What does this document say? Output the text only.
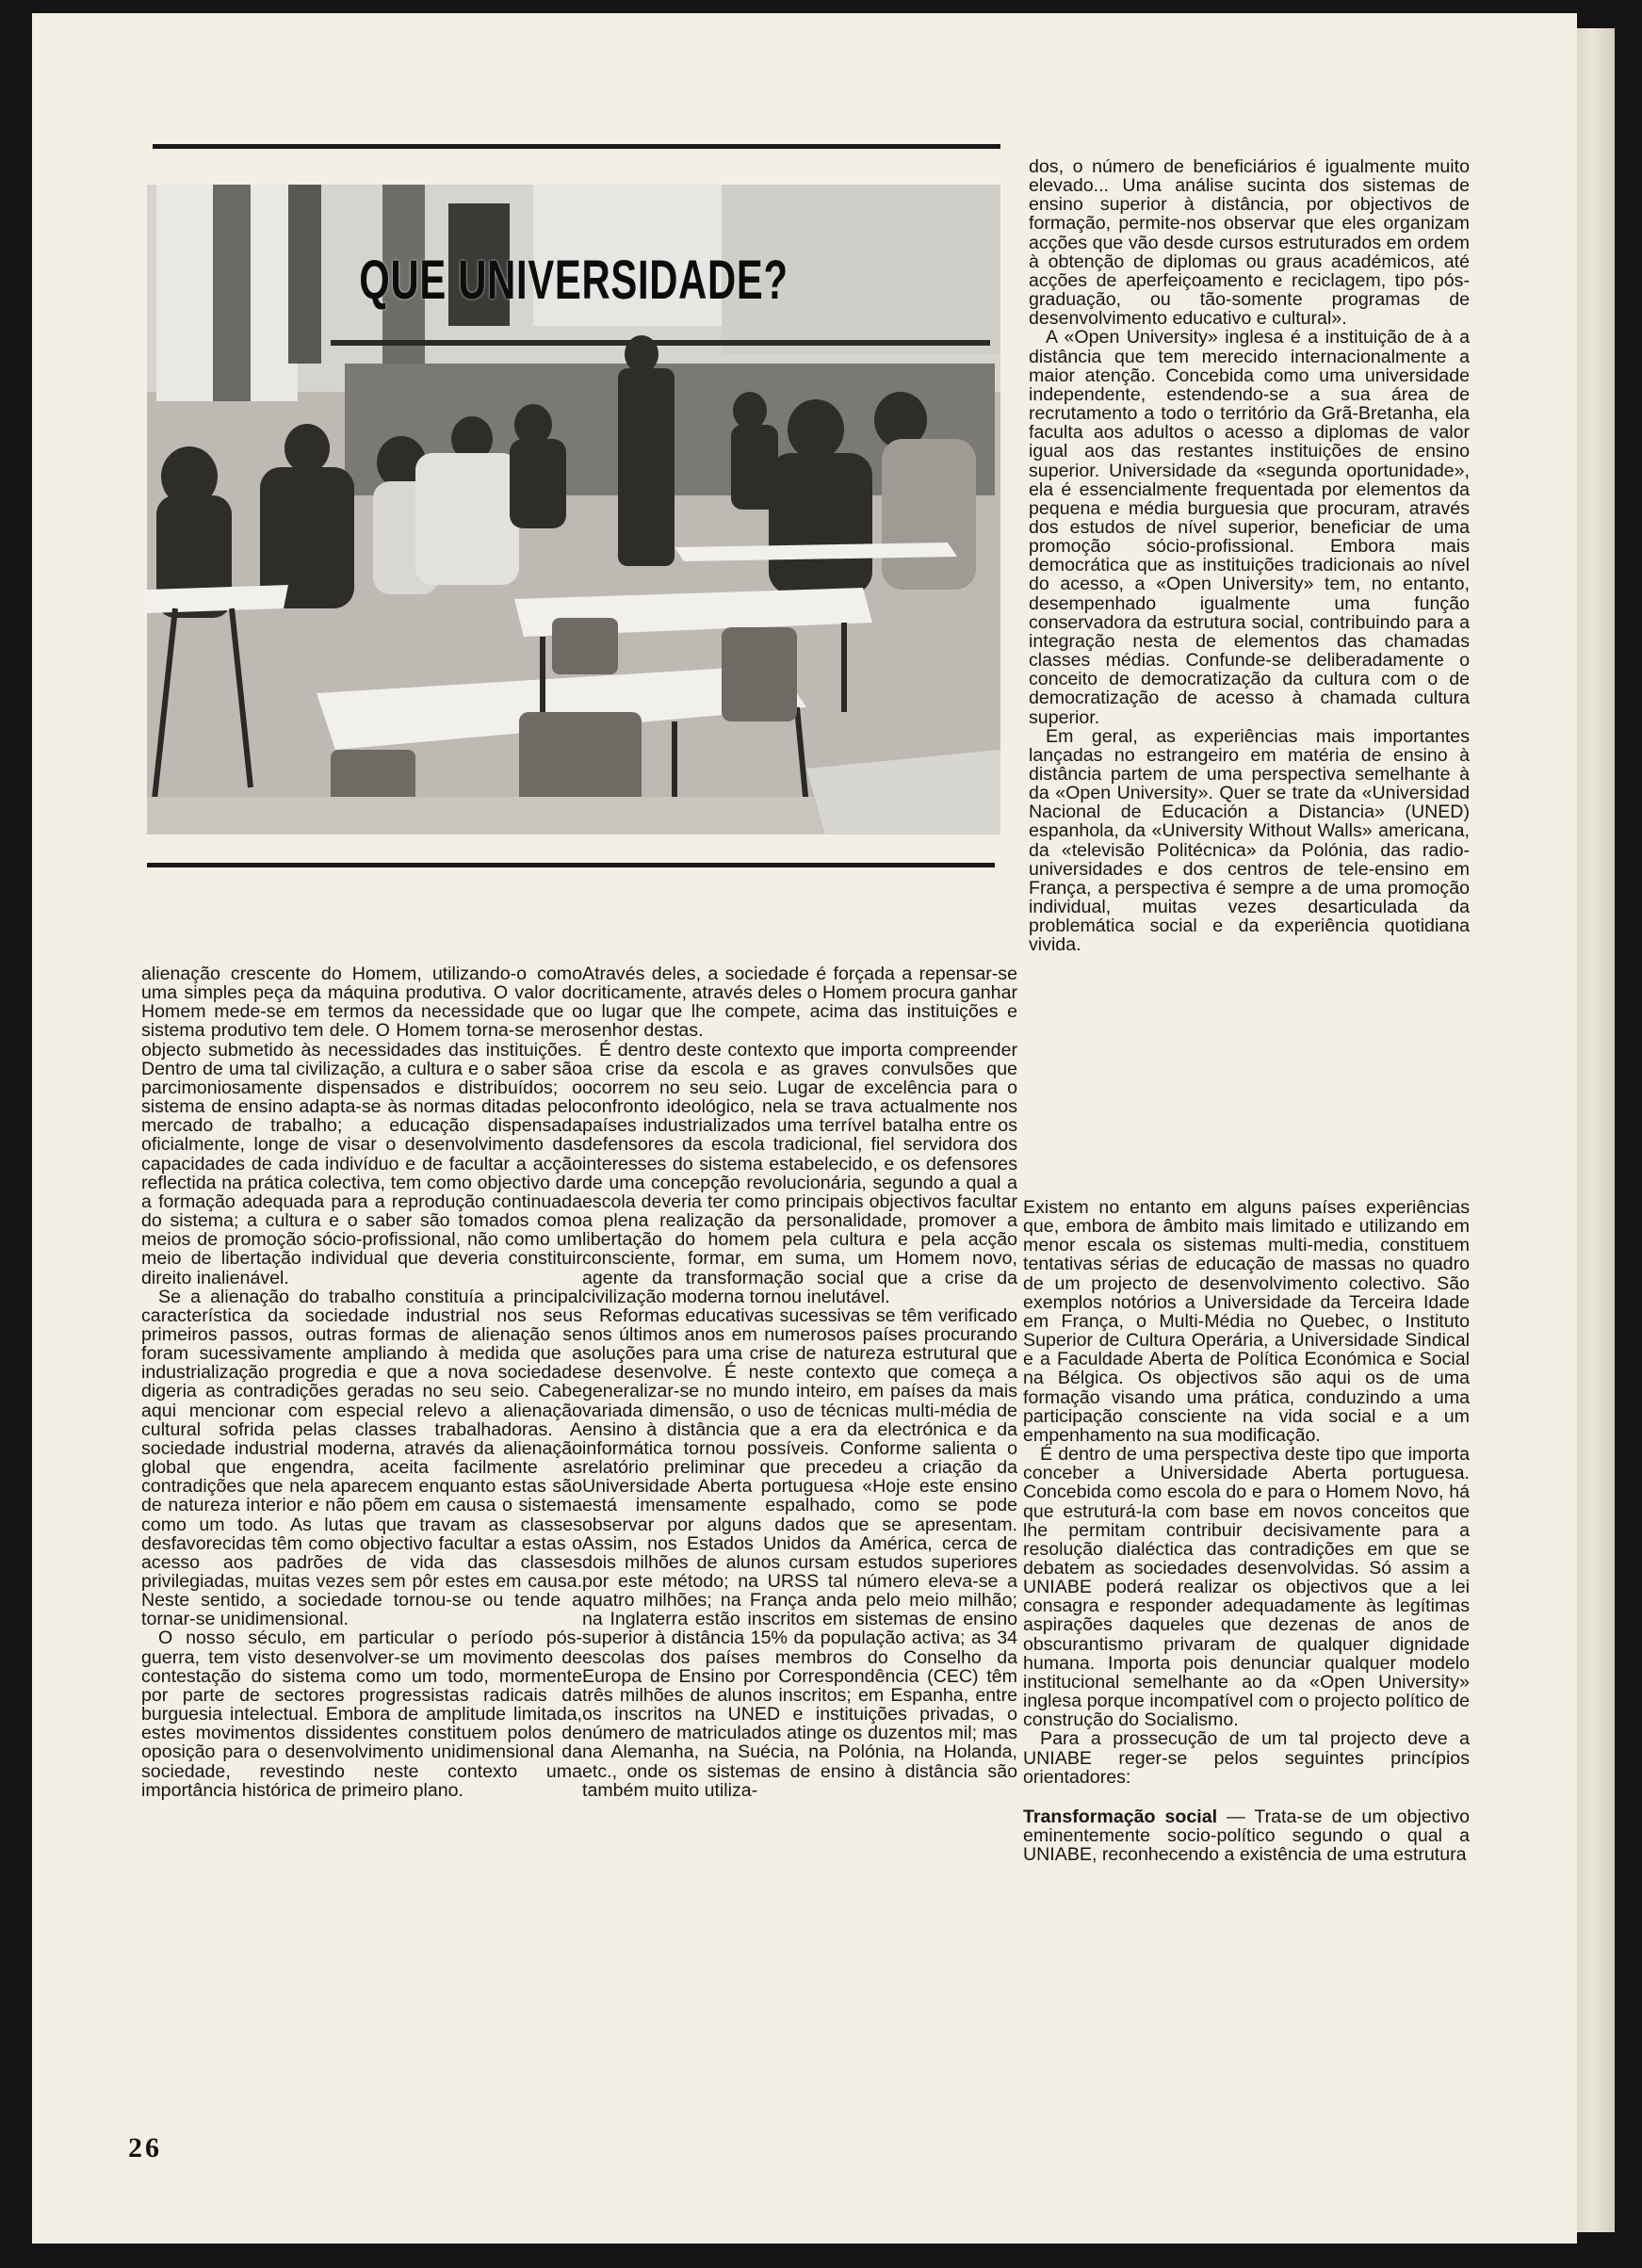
QUE UNIVERSIDADE?

alienação crescente do Homem, utilizando-o como uma simples peça da máquina produtiva. O valor do Homem mede-se em termos da necessidade que o sistema produtivo tem dele. O Homem torna-se mero objecto submetido às necessidades das instituições. Dentro de uma tal civilização, a cultura e o saber são parcimoniosamente dispensados e distribuídos; o sistema de ensino adapta-se às normas ditadas pelo mercado de trabalho; a educação dispensada oficialmente, longe de visar o desenvolvimento das capacidades de cada indivíduo e de facultar a acção reflectida na prática colectiva, tem como objectivo dar a formação adequada para a reprodução continuada do sistema; a cultura e o saber são tomados como meios de promoção sócio-profissional, não como um meio de libertação individual que deveria constituir direito inalienável.

Se a alienação do trabalho constituía a principal característica da sociedade industrial nos seus primeiros passos, outras formas de alienação se foram sucessivamente ampliando à medida que a industrialização progredia e que a nova sociedade digeria as contradições geradas no seu seio. Cabe aqui mencionar com especial relevo a alienação cultural sofrida pelas classes trabalhadoras. A sociedade industrial moderna, através da alienação global que engendra, aceita facilmente as contradições que nela aparecem enquanto estas são de natureza interior e não põem em causa o sistema como um todo. As lutas que travam as classes desfavorecidas têm como objectivo facultar a estas o acesso aos padrões de vida das classes privilegiadas, muitas vezes sem pôr estes em causa. Neste sentido, a sociedade tornou-se ou tende a tornar-se unidimensional.

O nosso século, em particular o período pós-guerra, tem visto desenvolver-se um movimento de contestação do sistema como um todo, mormente por parte de sectores progressistas radicais da burguesia intelectual. Embora de amplitude limitada, estes movimentos dissidentes constituem polos de oposição para o desenvolvimento unidimensional da sociedade, revestindo neste contexto uma importância histórica de primeiro plano.

Através deles, a sociedade é forçada a repensar-se criticamente, através deles o Homem procura ganhar o lugar que lhe compete, acima das instituições e senhor destas.

É dentro deste contexto que importa compreender a crise da escola e as graves convulsões que ocorrem no seu seio. Lugar de excelência para o confronto ideológico, nela se trava actualmente nos países industrializados uma terrível batalha entre os defensores da escola tradicional, fiel servidora dos interesses do sistema estabelecido, e os defensores de uma concepção revolucionária, segundo a qual a escola deveria ter como principais objectivos facultar a plena realização da personalidade, promover a libertação do homem pela cultura e pela acção consciente, formar, em suma, um Homem novo, agente da transformação social que a crise da civilização moderna tornou inelutável.

Reformas educativas sucessivas se têm verificado nos últimos anos em numerosos países procurando soluções para uma crise de natureza estrutural que se desenvolve. É neste contexto que começa a generalizar-se no mundo inteiro, em países da mais variada dimensão, o uso de técnicas multi-média de ensino à distância que a era da electrónica e da informática tornou possíveis. Conforme salienta o relatório preliminar que precedeu a criação da Universidade Aberta portuguesa «Hoje este ensino está imensamente espalhado, como se pode observar por alguns dados que se apresentam. Assim, nos Estados Unidos da América, cerca de dois milhões de alunos cursam estudos superiores por este método; na URSS tal número eleva-se a quatro milhões; na França anda pelo meio milhão; na Inglaterra estão inscritos em sistemas de ensino superior à distância 15% da população activa; as 34 escolas dos países membros do Conselho da Europa de Ensino por Correspondência (CEC) têm três milhões de alunos inscritos; em Espanha, entre os inscritos na UNED e instituições privadas, o número de matriculados atinge os duzentos mil; mas na Alemanha, na Suécia, na Polónia, na Holanda, etc., onde os sistemas de ensino à distância são também muito utiliza-

dos, o número de beneficiários é igualmente muito elevado... Uma análise sucinta dos sistemas de ensino superior à distância, por objectivos de formação, permite-nos observar que eles organizam acções que vão desde cursos estruturados em ordem à obtenção de diplomas ou graus académicos, até acções de aperfeiçoamento e reciclagem, tipo pós-graduação, ou tão-somente programas de desenvolvimento educativo e cultural».

A «Open University» inglesa é a instituição de à a distância que tem merecido internacionalmente a maior atenção. Concebida como uma universidade independente, estendendo-se a sua área de recrutamento a todo o território da Grã-Bretanha, ela faculta aos adultos o acesso a diplomas de valor igual aos das restantes instituições de ensino superior. Universidade da «segunda oportunidade», ela é essencialmente frequentada por elementos da pequena e média burguesia que procuram, através dos estudos de nível superior, beneficiar de uma promoção sócio-profissional. Embora mais democrática que as instituições tradicionais ao nível do acesso, a «Open University» tem, no entanto, desempenhado igualmente uma função conservadora da estrutura social, contribuindo para a integração nesta de elementos das chamadas classes médias. Confunde-se deliberadamente o conceito de democratização da cultura com o de democratização de acesso à chamada cultura superior.

Em geral, as experiências mais importantes lançadas no estrangeiro em matéria de ensino à distância partem de uma perspectiva semelhante à da «Open University». Quer se trate da «Universidad Nacional de Educación a Distancia» (UNED) espanhola, da «University Without Walls» americana, da «televisão Politécnica» da Polónia, das radio-universidades e dos centros de tele-ensino em França, a perspectiva é sempre a de uma promoção individual, muitas vezes desarticulada da problemática social e da experiência quotidiana vivida.

Existem no entanto em alguns países experiências que, embora de âmbito mais limitado e utilizando em menor escala os sistemas multi-media, constituem tentativas sérias de educação de massas no quadro de um projecto de desenvolvimento colectivo. São exemplos notórios a Universidade da Terceira Idade em França, o Multi-Média no Quebec, o Instituto Superior de Cultura Operária, a Universidade Sindical e a Faculdade Aberta de Política Económica e Social na Bélgica. Os objectivos são aqui os de uma formação visando uma prática, conduzindo a uma participação consciente na vida social e a um empenhamento na sua modificação.

É dentro de uma perspectiva deste tipo que importa conceber a Universidade Aberta portuguesa. Concebida como escola do e para o Homem Novo, há que estruturá-la com base em novos conceitos que lhe permitam contribuir decisivamente para a resolução dialéctica das contradições em que se debatem as sociedades desenvolvidas. Só assim a UNIABE poderá realizar os objectivos que a lei consagra e responder adequadamente às legítimas aspirações daqueles que dezenas de anos de obscurantismo privaram de qualquer dignidade humana. Importa pois denunciar qualquer modelo institucional semelhante ao da «Open University» inglesa porque incompatível com o projecto político de construção do Socialismo.

Para a prossecução de um tal projecto deve a UNIABE reger-se pelos seguintes princípios orientadores:

Transformação social — Trata-se de um objectivo eminentemente socio-político segundo o qual a UNIABE, reconhecendo a existência de uma estrutura

26
